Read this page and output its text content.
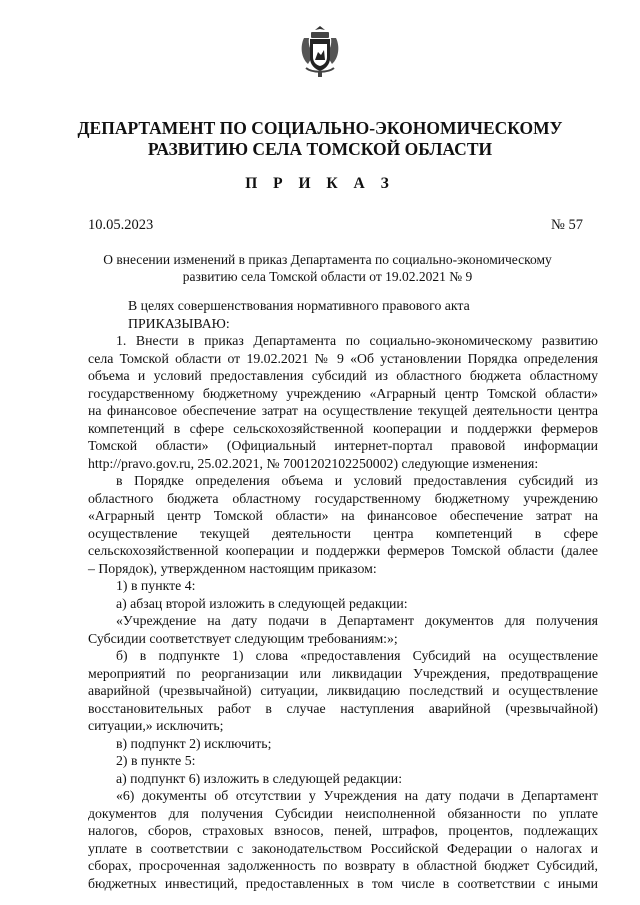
ДЕПАРТАМЕНТ ПО СОЦИАЛЬНО-ЭКОНОМИЧЕСКОМУ
РАЗВИТИЮ СЕЛА ТОМСКОЙ ОБЛАСТИ
П Р И К А З
10.05.2023	№ 57
О внесении изменений в приказ Департамента по социально-экономическому
развитию села Томской области от 19.02.2021 № 9

В целях совершенствования нормативного правового акта

ПРИКАЗЫВАЮ:

1. Внести в приказ Департамента по социально-экономическому развитию

села Томской области от 19.02.2021 № 9 «Об установлении Порядка определения

объема и условий предоставления субсидий из областного бюджета областному

государственному бюджетному учреждению «Аграрный центр Томской области»

на финансовое обеспечение затрат на осуществление текущей деятельности центра

компетенций в сфере сельскохозяйственной кооперации и поддержки фермеров

Томской области» (Официальный интернет-портал правовой информации

http://pravo.gov.ru, 25.02.2021, № 7001202102250002) следующие изменения:

в Порядке определения объема и условий предоставления субсидий из

областного бюджета областному государственному бюджетному учреждению

«Аграрный центр Томской области» на финансовое обеспечение затрат на

осуществление текущей деятельности центра компетенций в сфере

сельскохозяйственной кооперации и поддержки фермеров Томской области (далее

– Порядок), утвержденном настоящим приказом:

1) в пункте 4:

а) абзац второй изложить в следующей редакции:

«Учреждение на дату подачи в Департамент документов для получения

Субсидии соответствует следующим требованиям:»;

б) в подпункте 1) слова «предоставления Субсидий на осуществление

мероприятий по реорганизации или ликвидации Учреждения, предотвращение

аварийной (чрезвычайной) ситуации, ликвидацию последствий и осуществление

восстановительных работ в случае наступления аварийной (чрезвычайной)

ситуации,» исключить;

в) подпункт 2) исключить;

2) в пункте 5:

а) подпункт 6) изложить в следующей редакции:

«6) документы об отсутствии у Учреждения на дату подачи в Департамент

документов для получения Субсидии неисполненной обязанности по уплате

налогов, сборов, страховых взносов, пеней, штрафов, процентов, подлежащих

уплате в соответствии с законодательством Российской Федерации о налогах и

сборах, просроченная задолженность по возврату в областной бюджет Субсидий,

бюджетных инвестиций, предоставленных в том числе в соответствии с иными
